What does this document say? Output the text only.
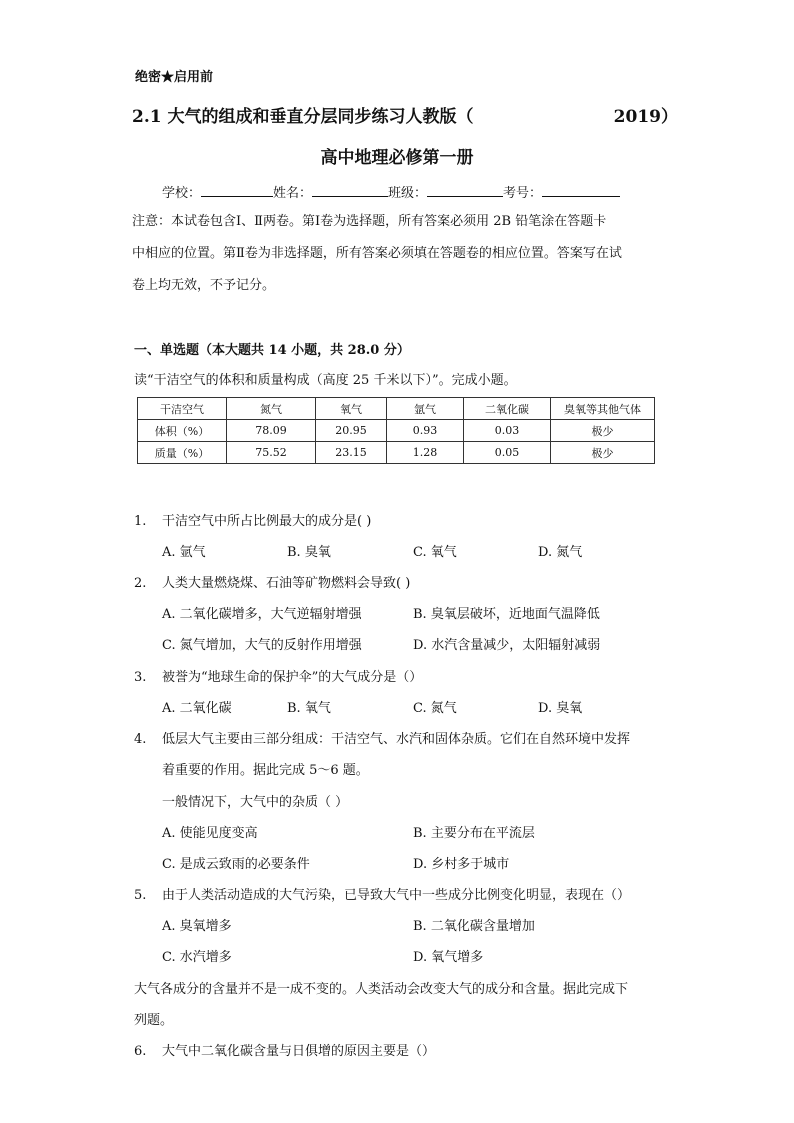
绝密★启用前
2.1 大气的组成和垂直分层同步练习人教版（	2019）
高中地理必修第一册
学校：	姓名：	班级：	考号：
注意：本试卷包含Ⅰ、Ⅱ两卷。第Ⅰ卷为选择题，所有答案必须用 2B 铅笔涂在答题卡
中相应的位置。第Ⅱ卷为非选择题，所有答案必须填在答题卷的相应位置。答案写在试
卷上均无效，不予记分。
一、单选题（本大题共 14 小题，共 28.0 分）
读“干洁空气的体积和质量构成（高度 25 千米以下）”。完成小题。
干洁空气	氮气	氧气	氩气	二氧化碳	臭氧等其他气体
体积（%）	78.09	20.95	0.93	0.03	极少
质量（%）	75.52	23.15	1.28	0.05	极少
1. 干洁空气中所占比例最大的成分是( )
A. 氩气	B. 臭氧	C. 氧气	D. 氮气
2. 人类大量燃烧煤、石油等矿物燃料会导致( )
A. 二氧化碳增多，大气逆辐射增强	B. 臭氧层破坏，近地面气温降低
C. 氮气增加，大气的反射作用增强	D. 水汽含量减少，太阳辐射减弱
3. 被誉为“地球生命的保护伞”的大气成分是（）
A. 二氧化碳	B. 氧气	C. 氮气	D. 臭氧
4. 低层大气主要由三部分组成：干洁空气、水汽和固体杂质。它们在自然环境中发挥
着重要的作用。据此完成 5～6 题。
一般情况下，大气中的杂质（ ）
A. 使能见度变高	B. 主要分布在平流层
C. 是成云致雨的必要条件	D. 乡村多于城市
5. 由于人类活动造成的大气污染，已导致大气中一些成分比例变化明显，表现在（）
A. 臭氧增多	B. 二氧化碳含量增加
C. 水汽增多	D. 氧气增多
大气各成分的含量并不是一成不变的。人类活动会改变大气的成分和含量。据此完成下
列题。
6. 大气中二氧化碳含量与日俱增的原因主要是（）
